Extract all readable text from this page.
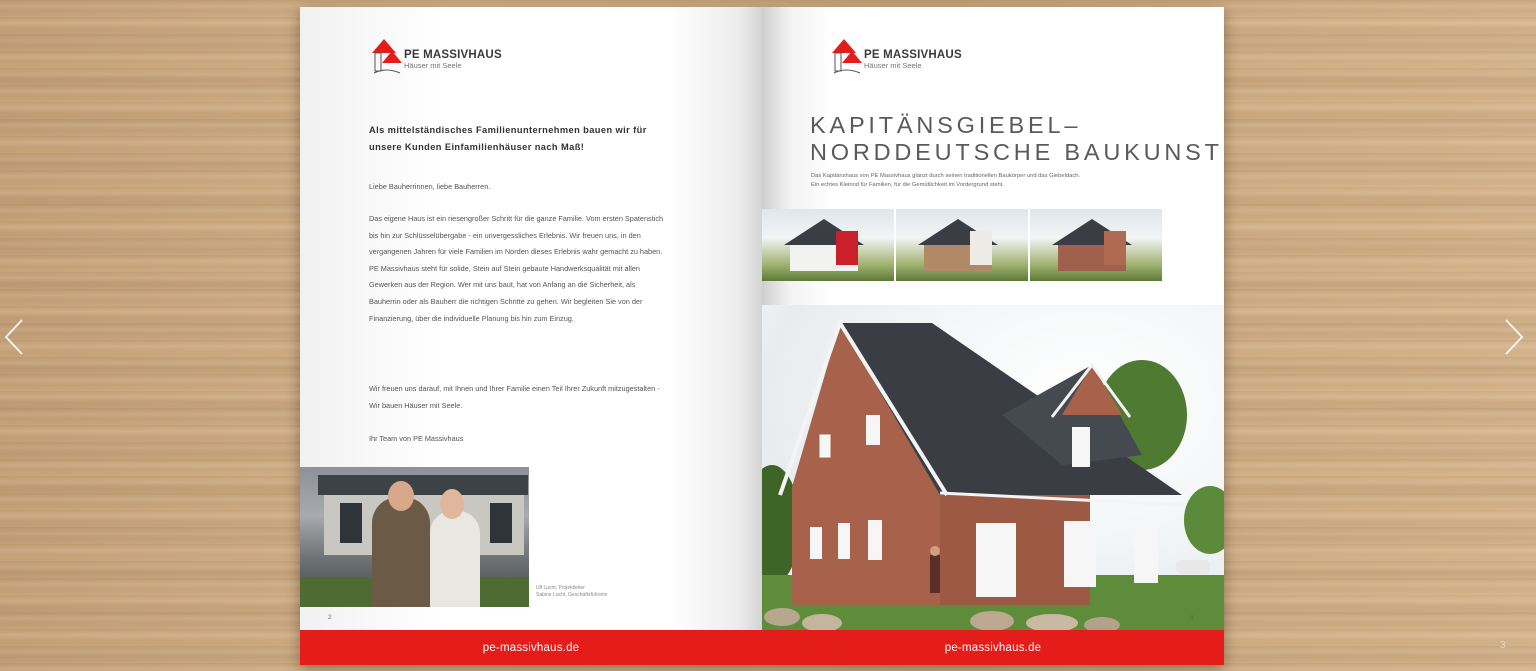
3
PE MASSIVHAUS
Häuser mit Seele
Als mittelständisches Familienunternehmen bauen wir für unsere Kunden Einfamilienhäuser nach Maß!
Liebe Bauherrinnen, liebe Bauherren.
Das eigene Haus ist ein riesengroßer Schritt für die ganze Familie. Vom ersten Spatenstich bis hin zur Schlüsselübergabe - ein unvergessliches Erlebnis. Wir freuen uns, in den vergangenen Jahren für viele Familien im Norden dieses Erlebnis wahr gemacht zu haben. PE Massivhaus steht für solide, Stein auf Stein gebaute Handwerksqualität mit allen Gewerken aus der Region. Wer mit uns baut, hat von Anfang an die Sicherheit, als Bauherrin oder als Bauherr die richtigen Schritte zu gehen. Wir begleiten Sie von der Finanzierung, über die individuelle Planung bis hin zum Einzug.
Wir freuen uns darauf, mit Ihnen und Ihrer Familie einen Teil Ihrer Zukunft mitzugestalten - Wir bauen Häuser mit Seele.
Ihr Team von PE Massivhaus
Ulf Lucht, Projektleiter
Sabine Lucht, Geschäftsführerin
2
pe-massivhaus.de
PE MASSIVHAUS
Häuser mit Seele
KAPITÄNSGIEBEL–
NORDDEUTSCHE BAUKUNST
Das Kapitänshaus von PE Massivhaus glänzt durch seinen traditionellen Baukörper und das Giebeldach.
Ein echtes Kleinod für Familien, für die Gemütlichkeit im Vordergrund steht.
3
pe-massivhaus.de
